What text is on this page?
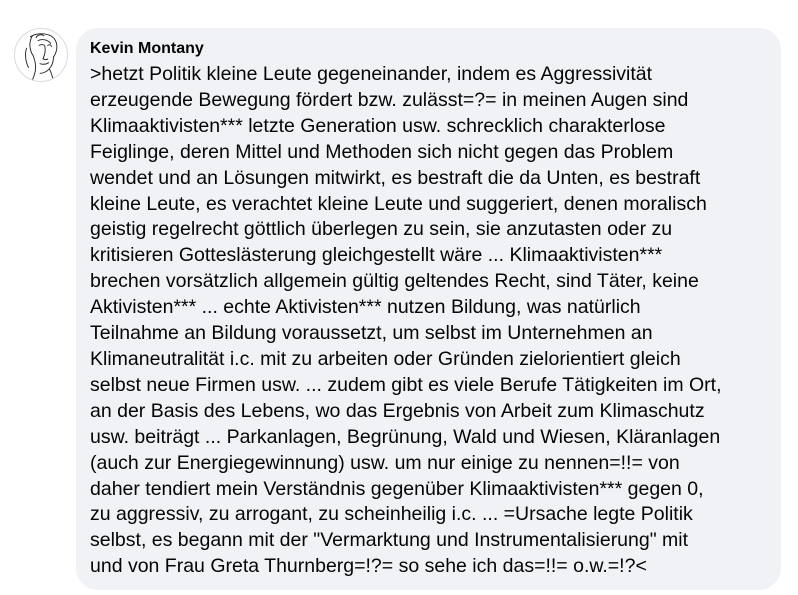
Kevin Montany

>hetzt Politik kleine Leute gegeneinander, indem es Aggressivität
erzeugende Bewegung fördert bzw. zulässt=?= in meinen Augen sind
Klimaaktivisten*** letzte Generation usw. schrecklich charakterlose
Feiglinge, deren Mittel und Methoden sich nicht gegen das Problem
wendet und an Lösungen mitwirkt, es bestraft die da Unten, es bestraft
kleine Leute, es verachtet kleine Leute und suggeriert, denen moralisch
geistig regelrecht göttlich überlegen zu sein, sie anzutasten oder zu
kritisieren Gotteslästerung gleichgestellt wäre ... Klimaaktivisten***
brechen vorsätzlich allgemein gültig geltendes Recht, sind Täter, keine
Aktivisten*** ... echte Aktivisten*** nutzen Bildung, was natürlich
Teilnahme an Bildung voraussetzt, um selbst im Unternehmen an
Klimaneutralität i.c. mit zu arbeiten oder Gründen zielorientiert gleich
selbst neue Firmen usw. ... zudem gibt es viele Berufe Tätigkeiten im Ort,
an der Basis des Lebens, wo das Ergebnis von Arbeit zum Klimaschutz
usw. beiträgt ... Parkanlagen, Begrünung, Wald und Wiesen, Kläranlagen
(auch zur Energiegewinnung) usw. um nur einige zu nennen=!!= von
daher tendiert mein Verständnis gegenüber Klimaaktivisten*** gegen 0,
zu aggressiv, zu arrogant, zu scheinheilig i.c. ... =Ursache legte Politik
selbst, es begann mit der "Vermarktung und Instrumentalisierung" mit
und von Frau Greta Thurnberg=!?= so sehe ich das=!!= o.w.=!?<
